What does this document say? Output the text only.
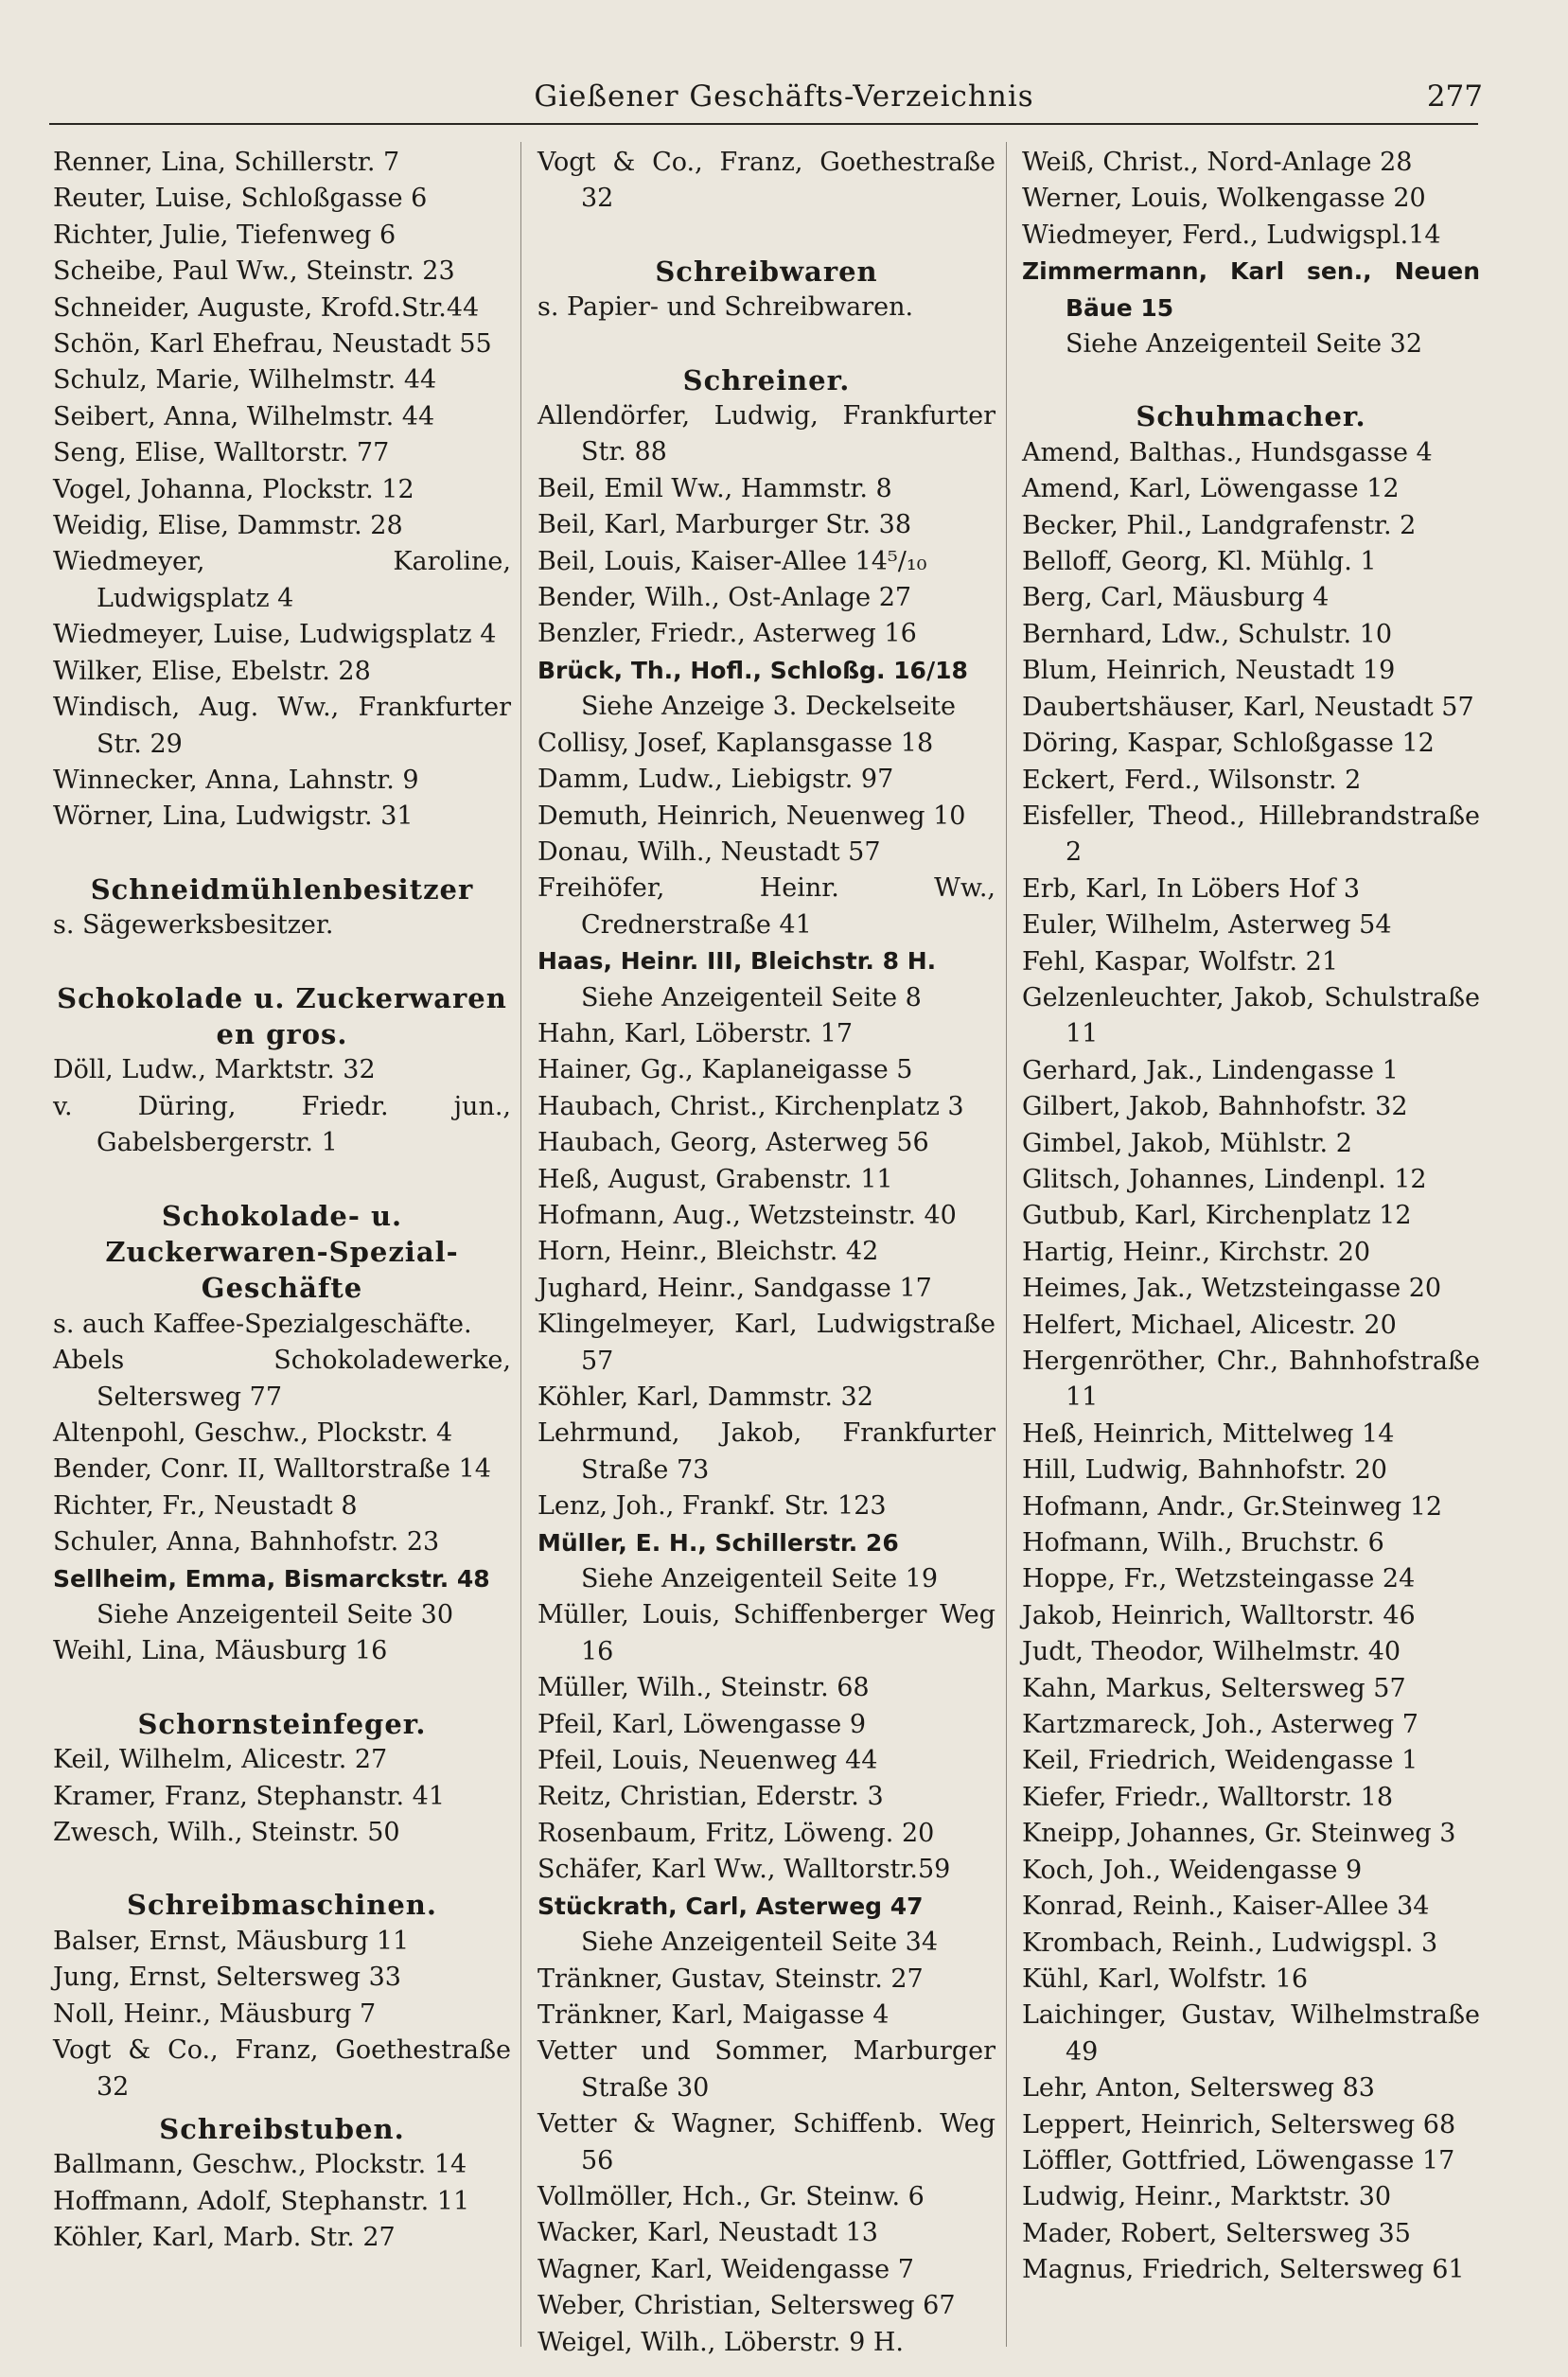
Gießener Geschäfts-Verzeichnis	277
Renner, Lina, Schillerstr. 7
Reuter, Luise, Schloßgasse 6
Richter, Julie, Tiefenweg 6
Scheibe, Paul Ww., Steinstr. 23
Schneider, Auguste, Krofd.Str.44
Schön, Karl Ehefrau, Neustadt 55
Schulz, Marie, Wilhelmstr. 44
Seibert, Anna, Wilhelmstr. 44
Seng, Elise, Walltorstr. 77
Vogel, Johanna, Plockstr. 12
Weidig, Elise, Dammstr. 28
Wiedmeyer, Karoline, Ludwigsplatz 4
Wiedmeyer, Luise, Ludwigsplatz 4
Wilker, Elise, Ebelstr. 28
Windisch, Aug. Ww., Frankfurter Str. 29
Winnecker, Anna, Lahnstr. 9
Wörner, Lina, Ludwigstr. 31
Schneidmühlenbesitzer
s. Sägewerksbesitzer.
Schokolade u. Zuckerwaren en gros.
Döll, Ludw., Marktstr. 32
v. Düring, Friedr. jun., Gabelsbergerstr. 1
Schokolade- u. Zuckerwaren-Spezial-Geschäfte
s. auch Kaffee-Spezialgeschäfte.
Abels Schokoladewerke, Seltersweg 77
Altenpohl, Geschw., Plockstr. 4
Bender, Conr. II, Walltorstraße 14
Richter, Fr., Neustadt 8
Schuler, Anna, Bahnhofstr. 23
Sellheim, Emma, Bismarckstr. 48
Siehe Anzeigenteil Seite 30
Weihl, Lina, Mäusburg 16
Schornsteinfeger.
Keil, Wilhelm, Alicestr. 27
Kramer, Franz, Stephanstr. 41
Zwesch, Wilh., Steinstr. 50
Schreibmaschinen.
Balser, Ernst, Mäusburg 11
Jung, Ernst, Seltersweg 33
Noll, Heinr., Mäusburg 7
Vogt & Co., Franz, Goethestraße 32
Schreibstuben.
Ballmann, Geschw., Plockstr. 14
Hoffmann, Adolf, Stephanstr. 11
Köhler, Karl, Marb. Str. 27
Vogt & Co., Franz, Goethestraße 32
Schreibwaren
s. Papier- und Schreibwaren.
Schreiner.
Allendörfer, Ludwig, Frankfurter Str. 88
Beil, Emil Ww., Hammstr. 8
Beil, Karl, Marburger Str. 38
Beil, Louis, Kaiser-Allee 14⁵/₁₀
Bender, Wilh., Ost-Anlage 27
Benzler, Friedr., Asterweg 16
Brück, Th., Hofl., Schloßg. 16/18
Siehe Anzeige 3. Deckelseite
Collisy, Josef, Kaplansgasse 18
Damm, Ludw., Liebigstr. 97
Demuth, Heinrich, Neuenweg 10
Donau, Wilh., Neustadt 57
Freihöfer, Heinr. Ww., Crednerstraße 41
Haas, Heinr. III, Bleichstr. 8 H.
Siehe Anzeigenteil Seite 8
Hahn, Karl, Löberstr. 17
Hainer, Gg., Kaplaneigasse 5
Haubach, Christ., Kirchenplatz 3
Haubach, Georg, Asterweg 56
Heß, August, Grabenstr. 11
Hofmann, Aug., Wetzsteinstr. 40
Horn, Heinr., Bleichstr. 42
Jughard, Heinr., Sandgasse 17
Klingelmeyer, Karl, Ludwigstraße 57
Köhler, Karl, Dammstr. 32
Lehrmund, Jakob, Frankfurter Straße 73
Lenz, Joh., Frankf. Str. 123
Müller, E. H., Schillerstr. 26
Siehe Anzeigenteil Seite 19
Müller, Louis, Schiffenberger Weg 16
Müller, Wilh., Steinstr. 68
Pfeil, Karl, Löwengasse 9
Pfeil, Louis, Neuenweg 44
Reitz, Christian, Ederstr. 3
Rosenbaum, Fritz, Löweng. 20
Schäfer, Karl Ww., Walltorstr.59
Stückrath, Carl, Asterweg 47
Siehe Anzeigenteil Seite 34
Tränkner, Gustav, Steinstr. 27
Tränkner, Karl, Maigasse 4
Vetter und Sommer, Marburger Straße 30
Vetter & Wagner, Schiffenb. Weg 56
Vollmöller, Hch., Gr. Steinw. 6
Wacker, Karl, Neustadt 13
Wagner, Karl, Weidengasse 7
Weber, Christian, Seltersweg 67
Weigel, Wilh., Löberstr. 9 H.
Weiß, Christ., Nord-Anlage 28
Werner, Louis, Wolkengasse 20
Wiedmeyer, Ferd., Ludwigspl.14
Zimmermann, Karl sen., Neuen Bäue 15
Siehe Anzeigenteil Seite 32
Schuhmacher.
Amend, Balthas., Hundsgasse 4
Amend, Karl, Löwengasse 12
Becker, Phil., Landgrafenstr. 2
Belloff, Georg, Kl. Mühlg. 1
Berg, Carl, Mäusburg 4
Bernhard, Ldw., Schulstr. 10
Blum, Heinrich, Neustadt 19
Daubertshäuser, Karl, Neustadt 57
Döring, Kaspar, Schloßgasse 12
Eckert, Ferd., Wilsonstr. 2
Eisfeller, Theod., Hillebrandstraße 2
Erb, Karl, In Löbers Hof 3
Euler, Wilhelm, Asterweg 54
Fehl, Kaspar, Wolfstr. 21
Gelzenleuchter, Jakob, Schulstraße 11
Gerhard, Jak., Lindengasse 1
Gilbert, Jakob, Bahnhofstr. 32
Gimbel, Jakob, Mühlstr. 2
Glitsch, Johannes, Lindenpl. 12
Gutbub, Karl, Kirchenplatz 12
Hartig, Heinr., Kirchstr. 20
Heimes, Jak., Wetzsteingasse 20
Helfert, Michael, Alicestr. 20
Hergenröther, Chr., Bahnhofstraße 11
Heß, Heinrich, Mittelweg 14
Hill, Ludwig, Bahnhofstr. 20
Hofmann, Andr., Gr.Steinweg 12
Hofmann, Wilh., Bruchstr. 6
Hoppe, Fr., Wetzsteingasse 24
Jakob, Heinrich, Walltorstr. 46
Judt, Theodor, Wilhelmstr. 40
Kahn, Markus, Seltersweg 57
Kartzmareck, Joh., Asterweg 7
Keil, Friedrich, Weidengasse 1
Kiefer, Friedr., Walltorstr. 18
Kneipp, Johannes, Gr. Steinweg 3
Koch, Joh., Weidengasse 9
Konrad, Reinh., Kaiser-Allee 34
Krombach, Reinh., Ludwigspl. 3
Kühl, Karl, Wolfstr. 16
Laichinger, Gustav, Wilhelmstraße 49
Lehr, Anton, Seltersweg 83
Leppert, Heinrich, Seltersweg 68
Löffler, Gottfried, Löwengasse 17
Ludwig, Heinr., Marktstr. 30
Mader, Robert, Seltersweg 35
Magnus, Friedrich, Seltersweg 61
